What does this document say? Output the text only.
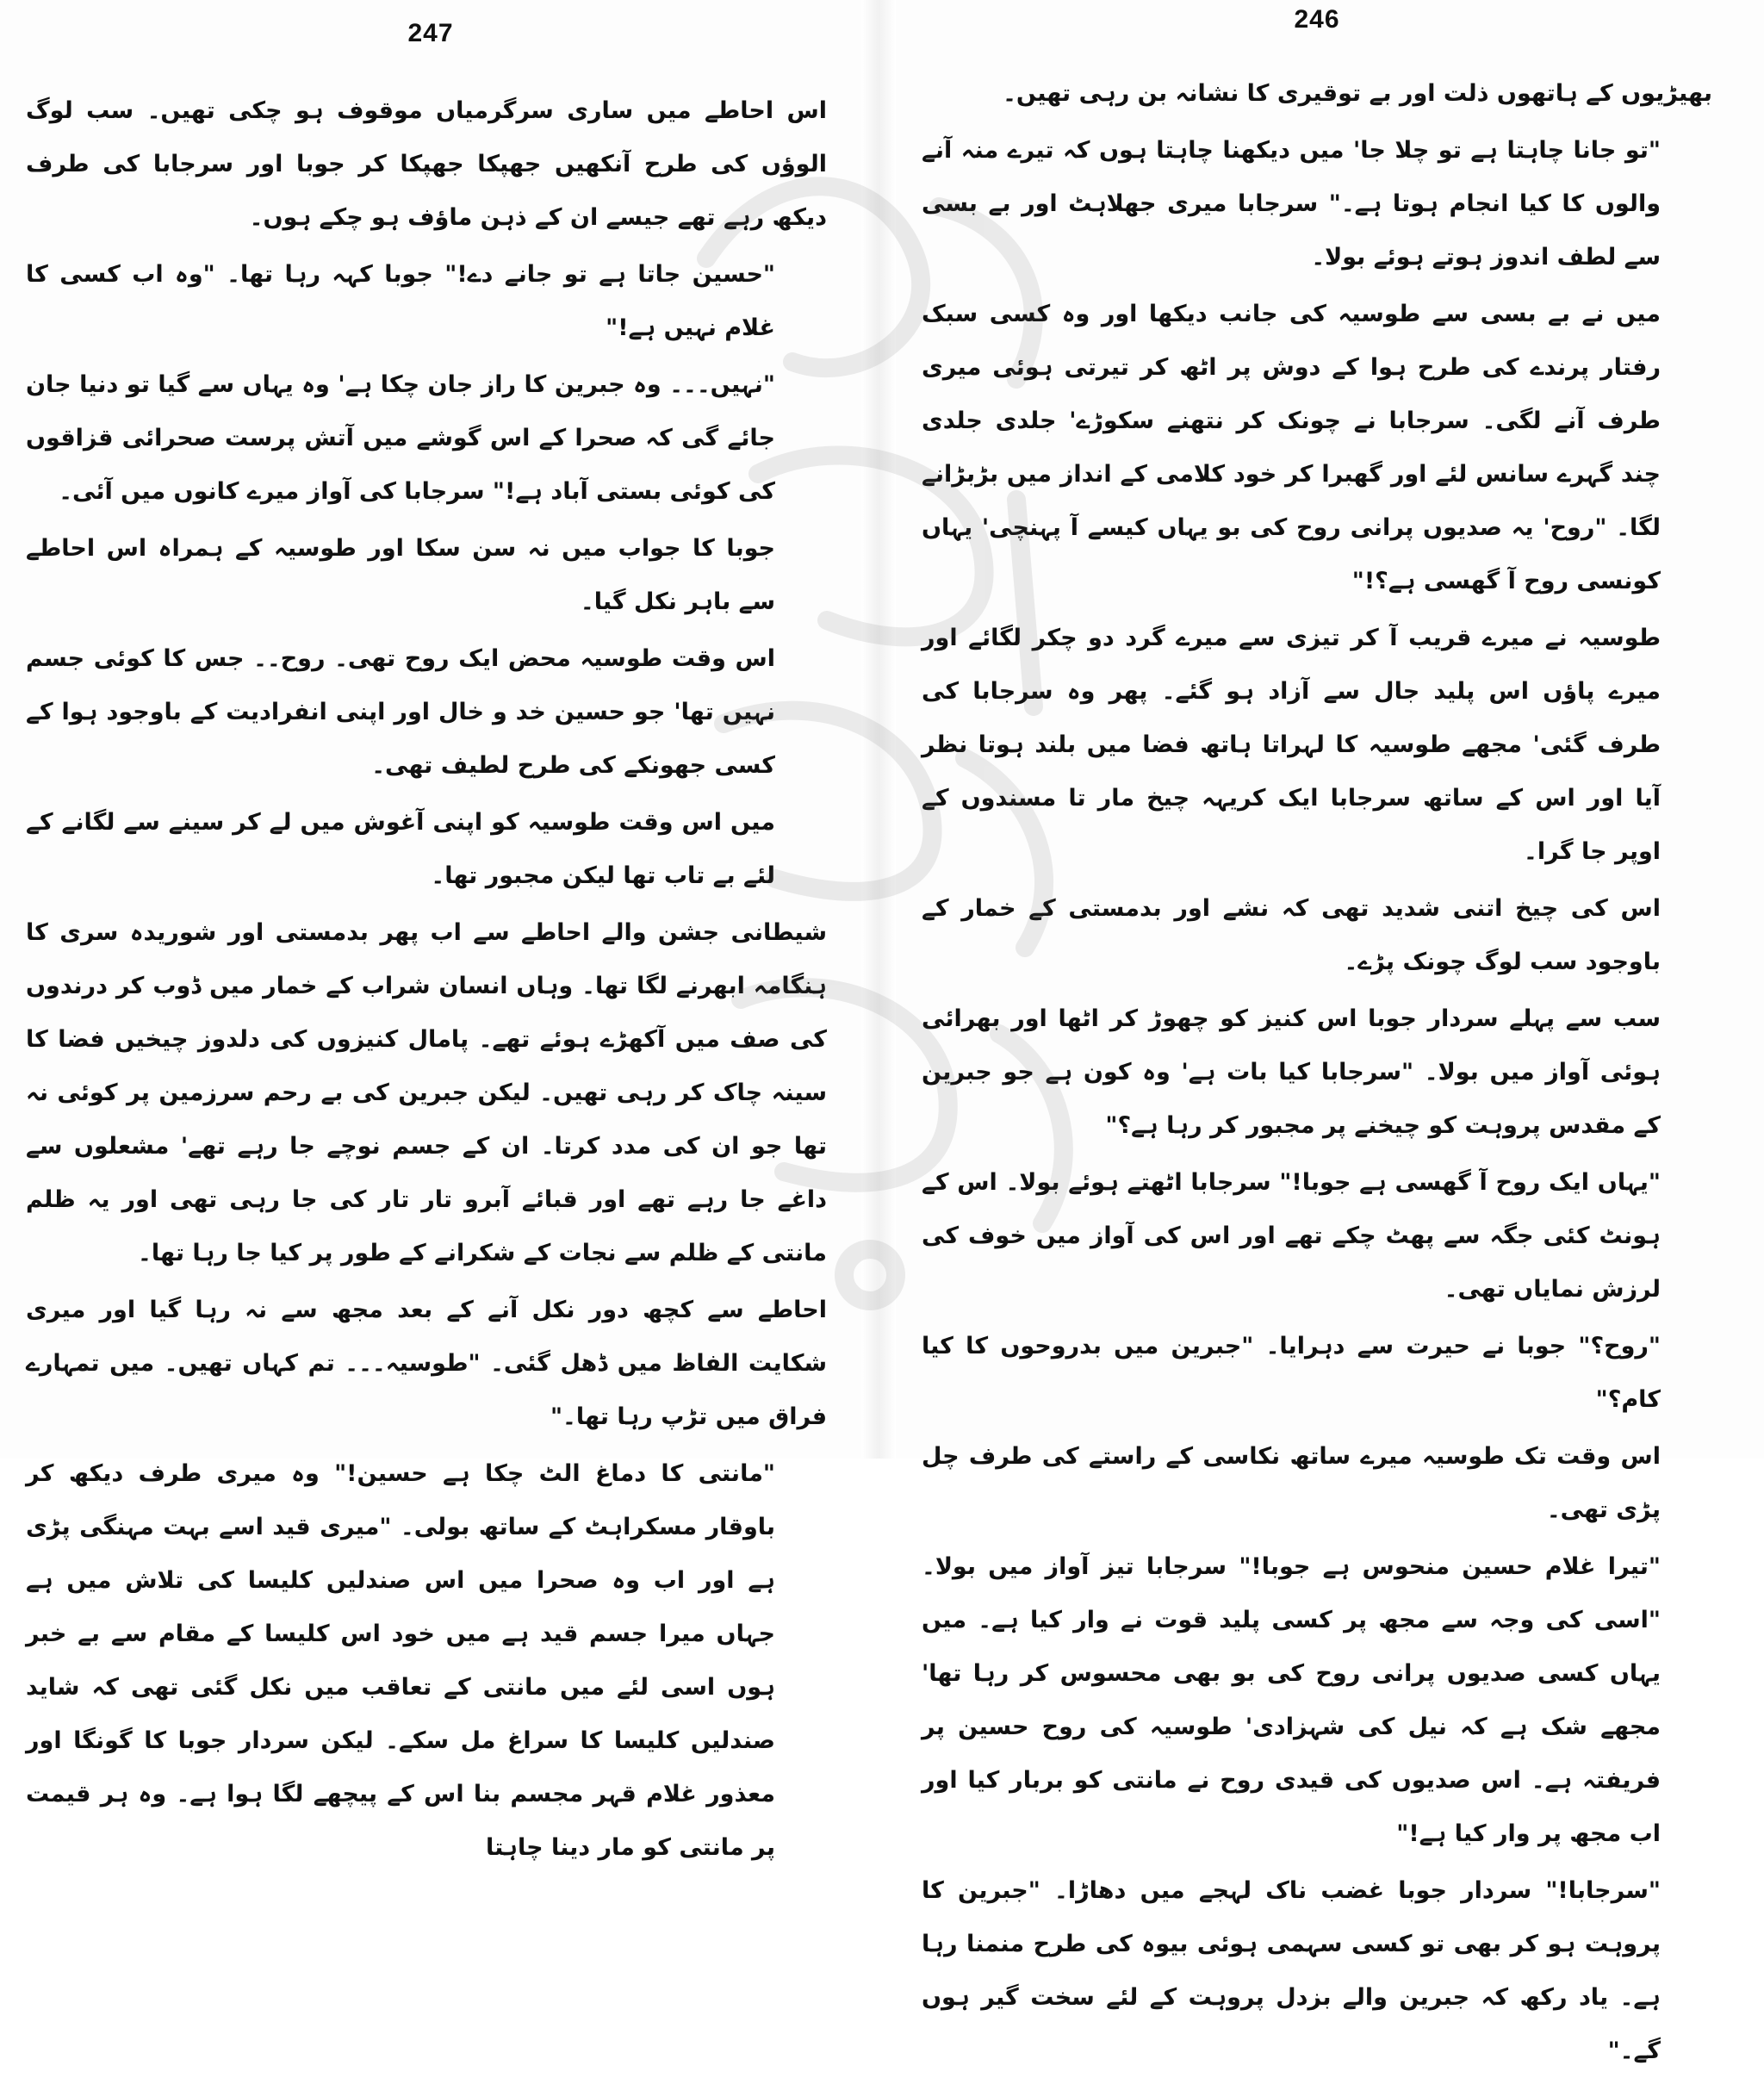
247

اس احاطے میں ساری سرگرمیاں موقوف ہو چکی تھیں۔ سب لوگ الوؤں کی طرح آنکھیں جھپکا جھپکا کر جوبا اور سرجابا کی طرف دیکھ رہے تھے جیسے ان کے ذہن ماؤف ہو چکے ہوں۔

"حسین جاتا ہے تو جانے دے!" جوبا کہہ رہا تھا۔ "وہ اب کسی کا غلام نہیں ہے!"

"نہیں۔۔۔ وہ جبرین کا راز جان چکا ہے' وہ یہاں سے گیا تو دنیا جان جائے گی کہ صحرا کے اس گوشے میں آتش پرست صحرائی قزاقوں کی کوئی بستی آباد ہے!" سرجابا کی آواز میرے کانوں میں آئی۔

جوبا کا جواب میں نہ سن سکا اور طوسیہ کے ہمراہ اس احاطے سے باہر نکل گیا۔

اس وقت طوسیہ محض ایک روح تھی۔ روح۔۔ جس کا کوئی جسم نہیں تھا' جو حسین خد و خال اور اپنی انفرادیت کے باوجود ہوا کے کسی جھونکے کی طرح لطیف تھی۔

میں اس وقت طوسیہ کو اپنی آغوش میں لے کر سینے سے لگانے کے لئے بے تاب تھا لیکن مجبور تھا۔

شیطانی جشن والے احاطے سے اب پھر بدمستی اور شوریدہ سری کا ہنگامہ ابھرنے لگا تھا۔ وہاں انسان شراب کے خمار میں ڈوب کر درندوں کی صف میں آکھڑے ہوئے تھے۔ پامال کنیزوں کی دلدوز چیخیں فضا کا سینہ چاک کر رہی تھیں۔ لیکن جبرین کی بے رحم سرزمین پر کوئی نہ تھا جو ان کی مدد کرتا۔ ان کے جسم نوچے جا رہے تھے' مشعلوں سے داغے جا رہے تھے اور قبائے آبرو تار تار کی جا رہی تھی اور یہ ظلم مانتی کے ظلم سے نجات کے شکرانے کے طور پر کیا جا رہا تھا۔

احاطے سے کچھ دور نکل آنے کے بعد مجھ سے نہ رہا گیا اور میری شکایت الفاظ میں ڈھل گئی۔ "طوسیہ۔۔۔ تم کہاں تھیں۔ میں تمہارے فراق میں تڑپ رہا تھا۔"

"مانتی کا دماغ الٹ چکا ہے حسین!" وہ میری طرف دیکھ کر باوقار مسکراہٹ کے ساتھ بولی۔ "میری قید اسے بہت مہنگی پڑی ہے اور اب وہ صحرا میں اس صندلیں کلیسا کی تلاش میں ہے جہاں میرا جسم قید ہے میں خود اس کلیسا کے مقام سے بے خبر ہوں اسی لئے میں مانتی کے تعاقب میں نکل گئی تھی کہ شاید صندلیں کلیسا کا سراغ مل سکے۔ لیکن سردار جوبا کا گونگا اور معذور غلام قہر مجسم بنا اس کے پیچھے لگا ہوا ہے۔ وہ ہر قیمت پر مانتی کو مار دینا چاہتا

246

بھیڑیوں کے ہاتھوں ذلت اور بے توقیری کا نشانہ بن رہی تھیں۔

"تو جانا چاہتا ہے تو چلا جا' میں دیکھنا چاہتا ہوں کہ تیرے منہ آنے والوں کا کیا انجام ہوتا ہے۔" سرجابا میری جھلاہٹ اور بے بسی سے لطف اندوز ہوتے ہوئے بولا۔

میں نے بے بسی سے طوسیہ کی جانب دیکھا اور وہ کسی سبک رفتار پرندے کی طرح ہوا کے دوش پر اٹھ کر تیرتی ہوئی میری طرف آنے لگی۔ سرجابا نے چونک کر نتھنے سکوڑے' جلدی جلدی چند گہرے سانس لئے اور گھبرا کر خود کلامی کے انداز میں بڑبڑانے لگا۔ "روح' یہ صدیوں پرانی روح کی بو یہاں کیسے آ پہنچی' یہاں کونسی روح آ گھسی ہے؟!"

طوسیہ نے میرے قریب آ کر تیزی سے میرے گرد دو چکر لگائے اور میرے پاؤں اس پلید جال سے آزاد ہو گئے۔ پھر وہ سرجابا کی طرف گئی' مجھے طوسیہ کا لہراتا ہاتھ فضا میں بلند ہوتا نظر آیا اور اس کے ساتھ سرجابا ایک کریہہ چیخ مار تا مسندوں کے اوپر جا گرا۔

اس کی چیخ اتنی شدید تھی کہ نشے اور بدمستی کے خمار کے باوجود سب لوگ چونک پڑے۔

سب سے پہلے سردار جوبا اس کنیز کو چھوڑ کر اٹھا اور بھرائی ہوئی آواز میں بولا۔ "سرجابا کیا بات ہے' وہ کون ہے جو جبرین کے مقدس پروہت کو چیخنے پر مجبور کر رہا ہے؟"

"یہاں ایک روح آ گھسی ہے جوبا!" سرجابا اٹھتے ہوئے بولا۔ اس کے ہونٹ کئی جگہ سے پھٹ چکے تھے اور اس کی آواز میں خوف کی لرزش نمایاں تھی۔

"روح؟" جوبا نے حیرت سے دہرایا۔ "جبرین میں بدروحوں کا کیا کام؟"

اس وقت تک طوسیہ میرے ساتھ نکاسی کے راستے کی طرف چل پڑی تھی۔

"تیرا غلام حسین منحوس ہے جوبا!" سرجابا تیز آواز میں بولا۔ "اسی کی وجہ سے مجھ پر کسی پلید قوت نے وار کیا ہے۔ میں یہاں کسی صدیوں پرانی روح کی بو بھی محسوس کر رہا تھا' مجھے شک ہے کہ نیل کی شہزادی' طوسیہ کی روح حسین پر فریفتہ ہے۔ اس صدیوں کی قیدی روح نے مانتی کو بربار کیا اور اب مجھ پر وار کیا ہے!"

"سرجابا!" سردار جوبا غضب ناک لہجے میں دھاڑا۔ "جبرین کا پروہت ہو کر بھی تو کسی سہمی ہوئی بیوہ کی طرح منمنا رہا ہے۔ یاد رکھ کہ جبرین والے بزدل پروہت کے لئے سخت گیر ہوں گے۔"
